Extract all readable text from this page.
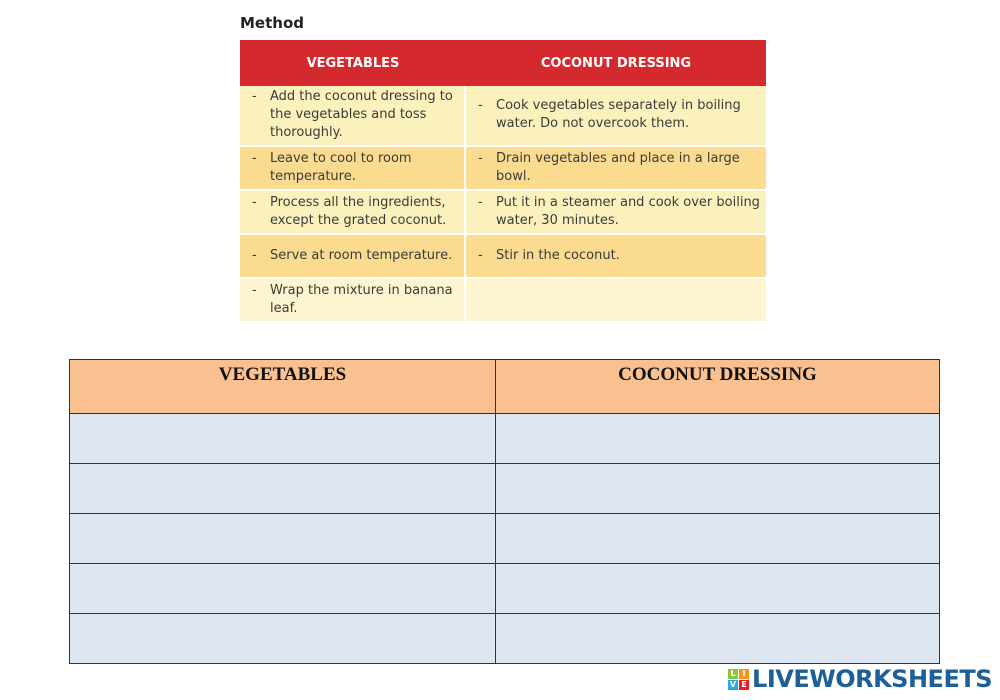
Method
VEGETABLES	COCONUT DRESSING

- Add the coconut dressing to the vegetables and toss thoroughly.	- Cook vegetables separately in boiling water. Do not overcook them.

- Leave to cool to room temperature.	- Drain vegetables and place in a large bowl.

- Process all the ingredients, except the grated coconut.	- Put it in a steamer and cook over boiling water, 30 minutes.

- Serve at room temperature.	- Stir in the coconut.

- Wrap the mixture in banana leaf.	

VEGETABLES	COCONUT DRESSING

L I
V E LIVEWORKSHEETS
